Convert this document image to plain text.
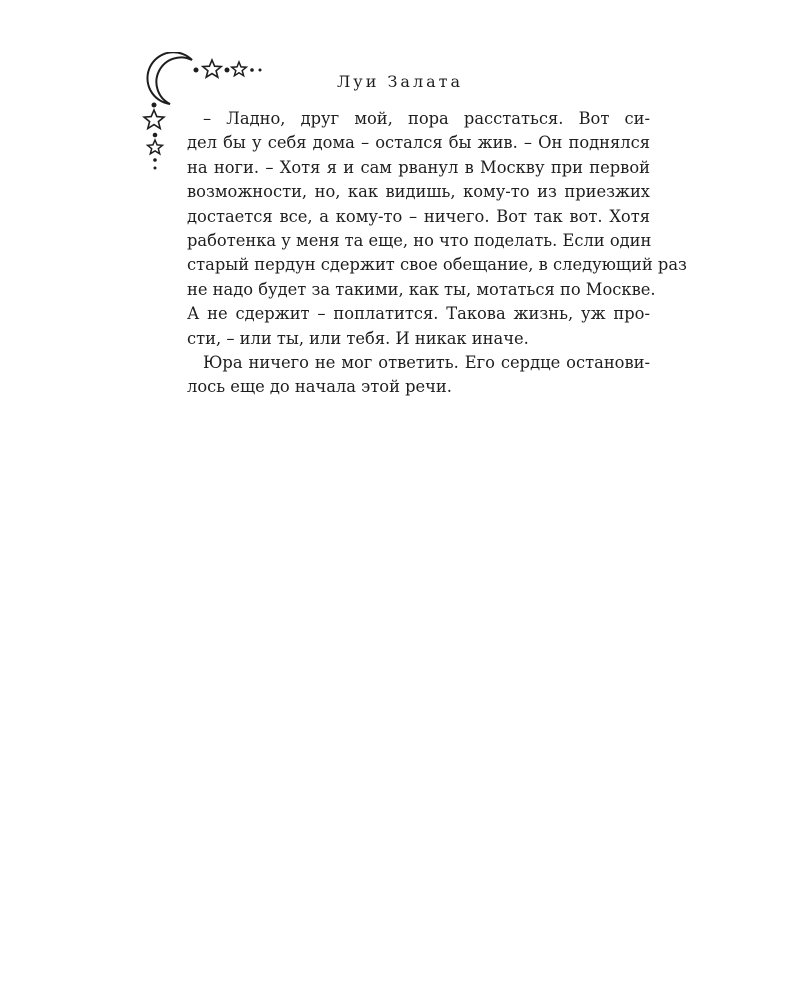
Луи Залата
– Ладно, друг мой, пора расстаться. Вот си-
дел бы у себя дома – остался бы жив. – Он поднялся
на ноги. – Хотя я и сам рванул в Москву при первой
возможности, но, как видишь, кому-то из приезжих
достается все, а кому-то – ничего. Вот так вот. Хотя
работенка у меня та еще, но что поделать. Если один
старый пердун сдержит свое обещание, в следующий раз
не надо будет за такими, как ты, мотаться по Москве.
А не сдержит – поплатится. Такова жизнь, уж про-
сти, – или ты, или тебя. И никак иначе.
Юра ничего не мог ответить. Его сердце останови-
лось еще до начала этой речи.
